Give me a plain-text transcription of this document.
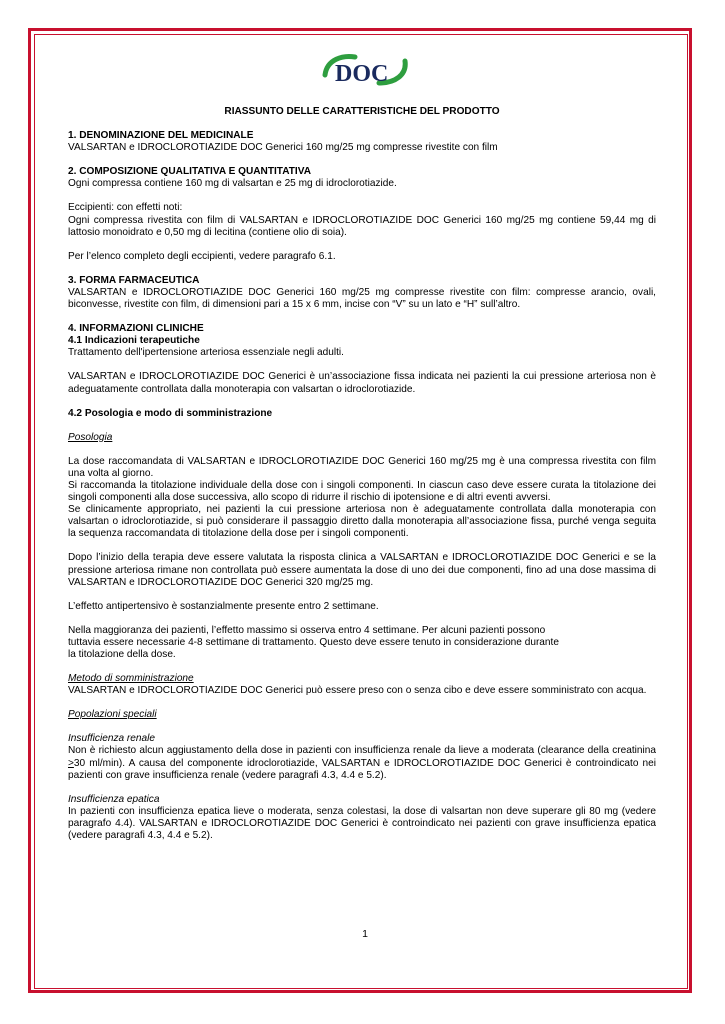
DOC

RIASSUNTO DELLE CARATTERISTICHE DEL PRODOTTO

1. DENOMINAZIONE DEL MEDICINALE

VALSARTAN e IDROCLOROTIAZIDE DOC Generici 160 mg/25 mg compresse rivestite con film

2. COMPOSIZIONE QUALITATIVA E QUANTITATIVA

Ogni compressa contiene 160 mg di valsartan e 25 mg di idroclorotiazide.

Eccipienti: con effetti noti:

Ogni compressa rivestita con film di VALSARTAN e IDROCLOROTIAZIDE DOC Generici 160 mg/25 mg contiene 59,44 mg di lattosio monoidrato e 0,50 mg di lecitina (contiene olio di soia).

Per l’elenco completo degli eccipienti, vedere paragrafo 6.1.

3. FORMA FARMACEUTICA

VALSARTAN e IDROCLOROTIAZIDE DOC Generici 160 mg/25 mg compresse rivestite con film: compresse arancio, ovali, biconvesse, rivestite con film, di dimensioni pari a 15 x 6 mm, incise con “V” su un lato e “H” sull’altro.

4. INFORMAZIONI CLINICHE

4.1 Indicazioni terapeutiche

Trattamento dell'ipertensione arteriosa essenziale negli adulti.

VALSARTAN e IDROCLOROTIAZIDE DOC Generici è un’associazione fissa indicata nei pazienti la cui pressione arteriosa non è adeguatamente controllata dalla monoterapia con valsartan o idroclorotiazide.

4.2 Posologia e modo di somministrazione

Posologia

La dose raccomandata di VALSARTAN e IDROCLOROTIAZIDE DOC Generici 160 mg/25 mg è una compressa rivestita con film una volta al giorno.

Si raccomanda la titolazione individuale della dose con i singoli componenti. In ciascun caso deve essere curata la titolazione dei singoli componenti alla dose successiva, allo scopo di ridurre il rischio di ipotensione e di altri eventi avversi.

Se clinicamente appropriato, nei pazienti la cui pressione arteriosa non è adeguatamente controllata dalla monoterapia con valsartan o idroclorotiazide, si può considerare il passaggio diretto dalla monoterapia all’associazione fissa, purché venga seguita la sequenza raccomandata di titolazione della dose per i singoli componenti.

Dopo l’inizio della terapia deve essere valutata la risposta clinica a VALSARTAN e IDROCLOROTIAZIDE DOC Generici e se la pressione arteriosa rimane non controllata può essere aumentata la dose di uno dei due componenti, fino ad una dose massima di VALSARTAN e IDROCLOROTIAZIDE DOC Generici 320 mg/25 mg.

L’effetto antipertensivo è sostanzialmente presente entro 2 settimane.

Nella maggioranza dei pazienti, l’effetto massimo si osserva entro 4 settimane. Per alcuni pazienti possono

tuttavia essere necessarie 4-8 settimane di trattamento. Questo deve essere tenuto in considerazione durante

la titolazione della dose.

Metodo di somministrazione

VALSARTAN e IDROCLOROTIAZIDE DOC Generici può essere preso con o senza cibo e deve essere somministrato con acqua.

Popolazioni speciali

Insufficienza renale

Non è richiesto alcun aggiustamento della dose in pazienti con insufficienza renale da lieve a moderata (clearance della creatinina >30 ml/min). A causa del componente idroclorotiazide, VALSARTAN e IDROCLOROTIAZIDE DOC Generici è controindicato nei pazienti con grave insufficienza renale (vedere paragrafi 4.3, 4.4 e 5.2).

Insufficienza epatica

In pazienti con insufficienza epatica lieve o moderata, senza colestasi, la dose di valsartan non deve superare gli 80 mg (vedere paragrafo 4.4). VALSARTAN e IDROCLOROTIAZIDE DOC Generici è controindicato nei pazienti con grave insufficienza epatica (vedere paragrafi 4.3, 4.4 e 5.2).

1
